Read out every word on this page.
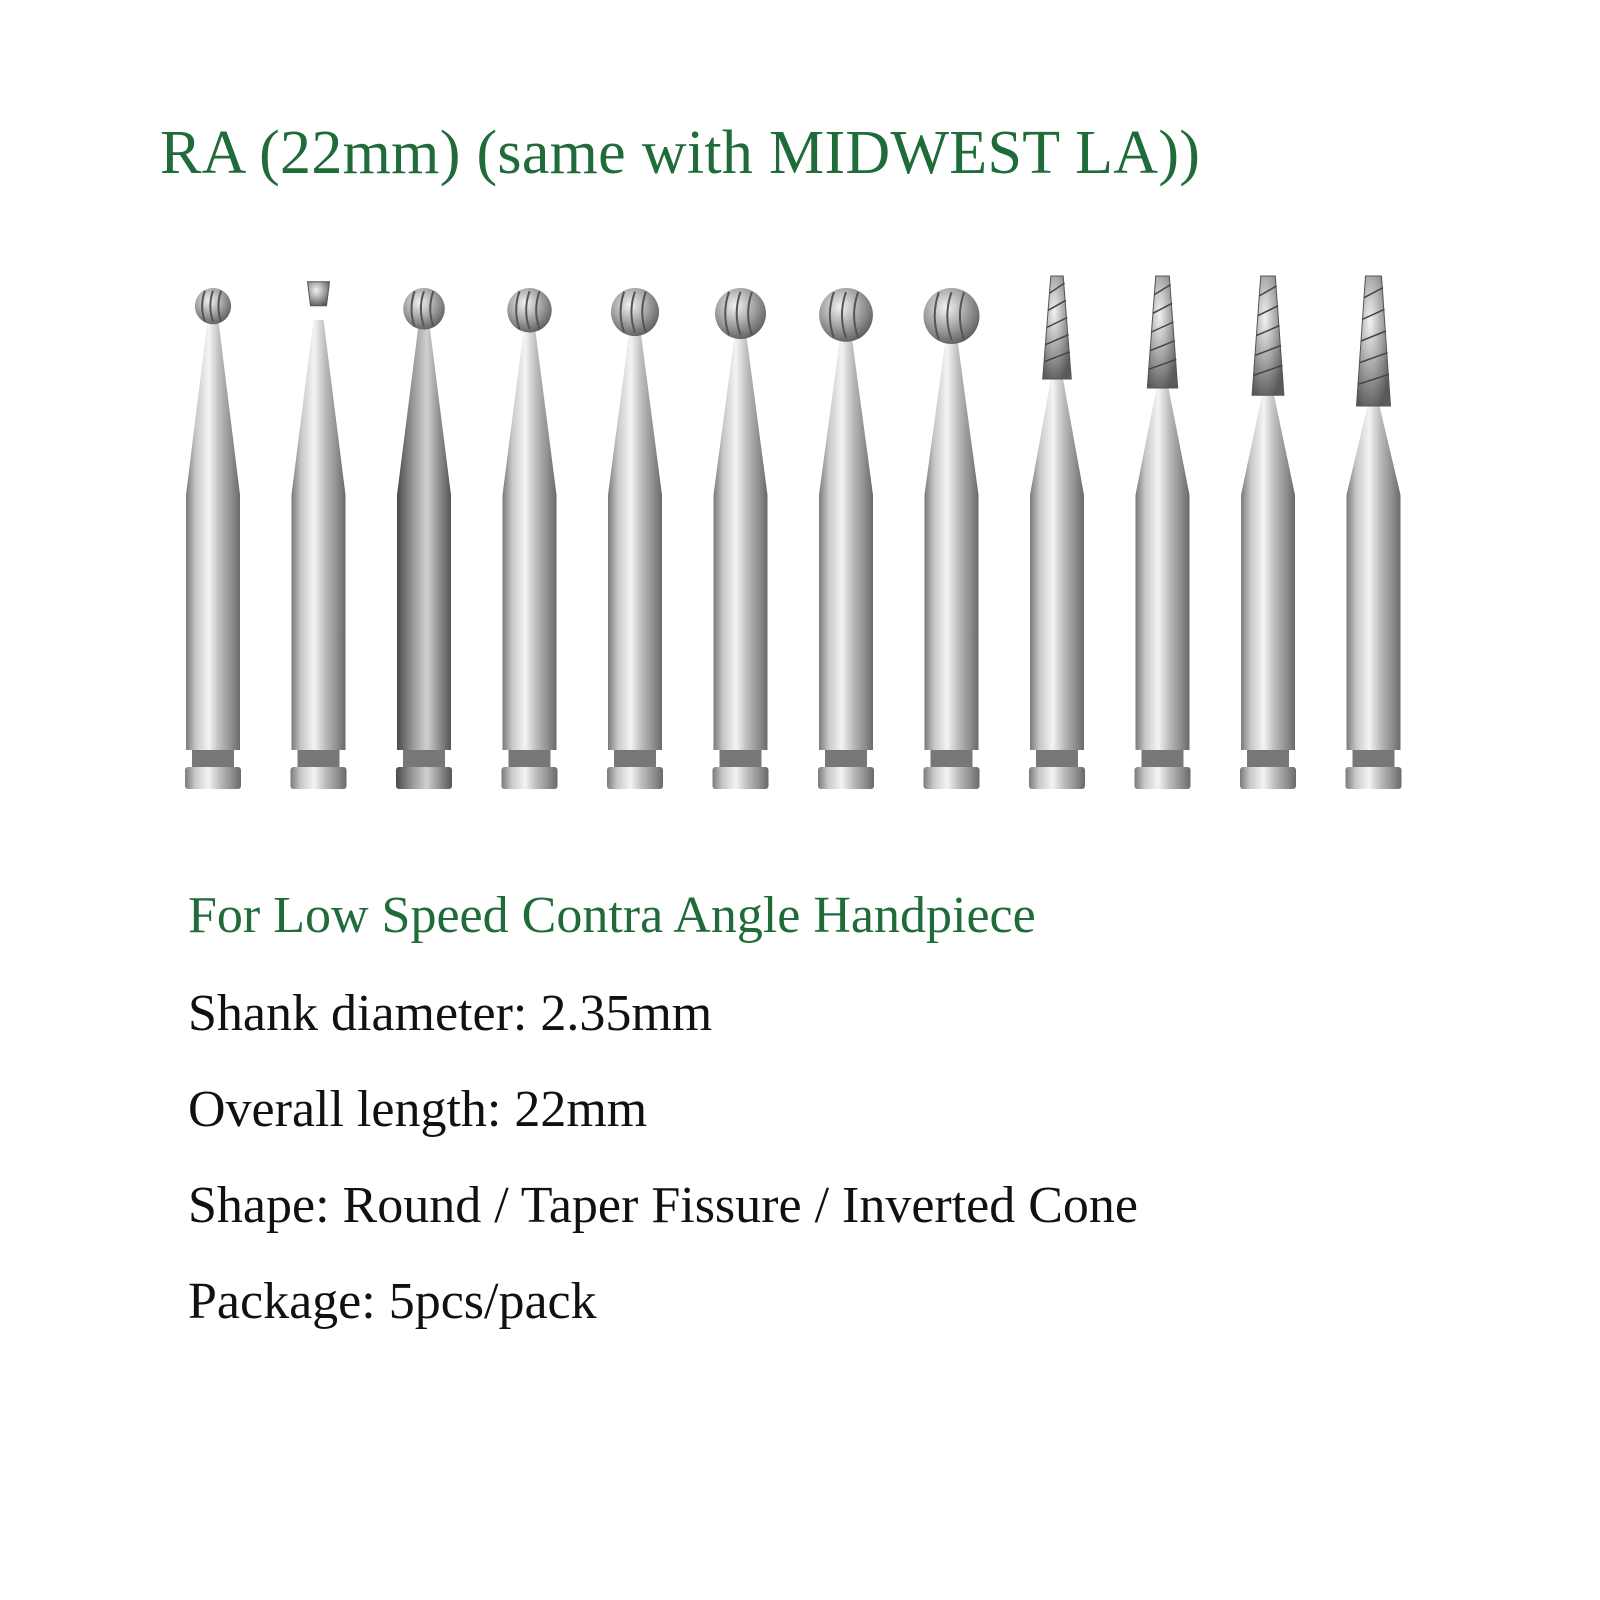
RA (22mm) (same with MIDWEST LA))

For Low Speed Contra Angle Handpiece

Shank diameter: 2.35mm

Overall length: 22mm

Shape: Round / Taper Fissure / Inverted Cone

Package: 5pcs/pack
